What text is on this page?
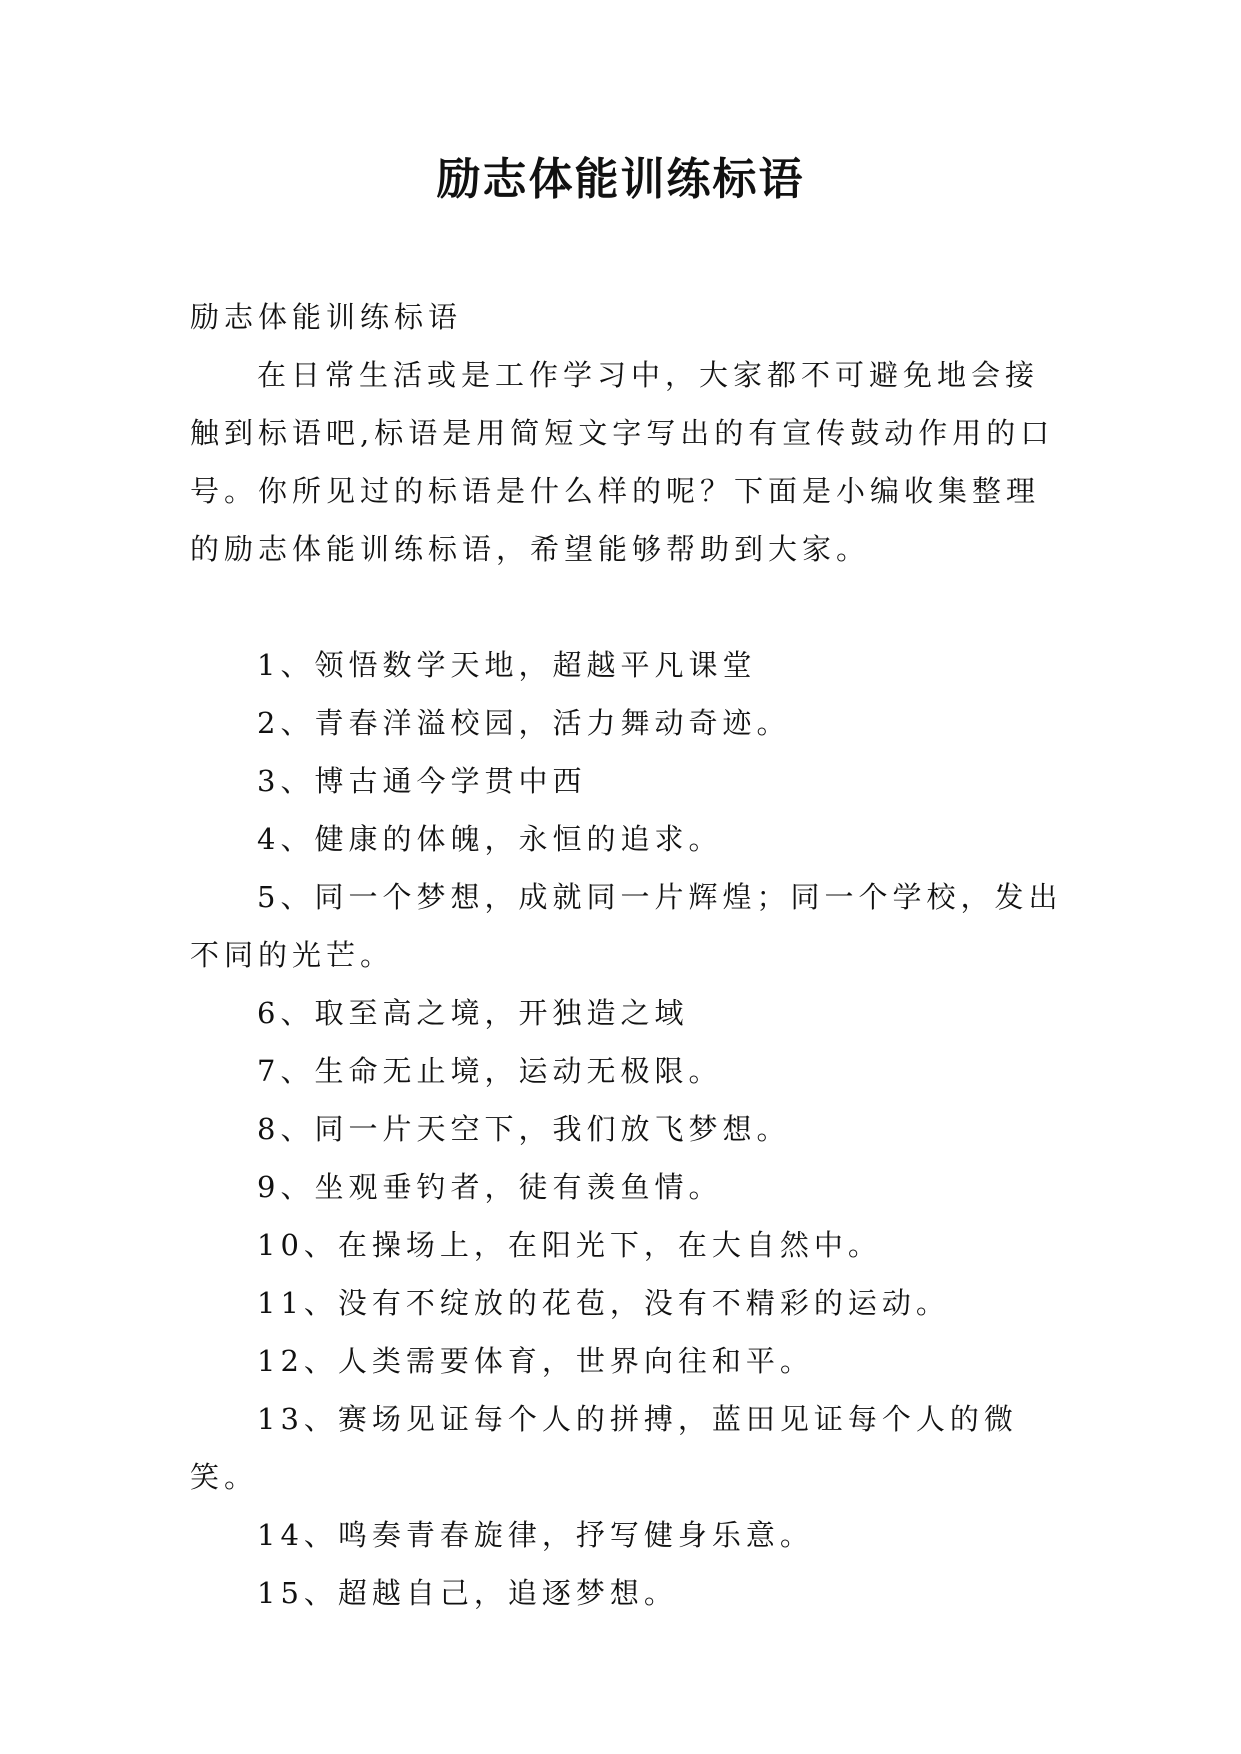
励志体能训练标语

励志体能训练标语

在日常生活或是工作学习中，大家都不可避免地会接触到标语吧,标语是用简短文字写出的有宣传鼓动作用的口号。你所见过的标语是什么样的呢？下面是小编收集整理的励志体能训练标语，希望能够帮助到大家。

1、领悟数学天地，超越平凡课堂
2、青春洋溢校园，活力舞动奇迹。
3、博古通今学贯中西
4、健康的体魄，永恒的追求。
5、同一个梦想，成就同一片辉煌；同一个学校，发出不同的光芒。
6、取至高之境，开独造之域
7、生命无止境，运动无极限。
8、同一片天空下，我们放飞梦想。
9、坐观垂钓者，徒有羡鱼情。
10、在操场上，在阳光下，在大自然中。
11、没有不绽放的花苞，没有不精彩的运动。
12、人类需要体育，世界向往和平。
13、赛场见证每个人的拼搏，蓝田见证每个人的微笑。
14、鸣奏青春旋律，抒写健身乐意。
15、超越自己，追逐梦想。
